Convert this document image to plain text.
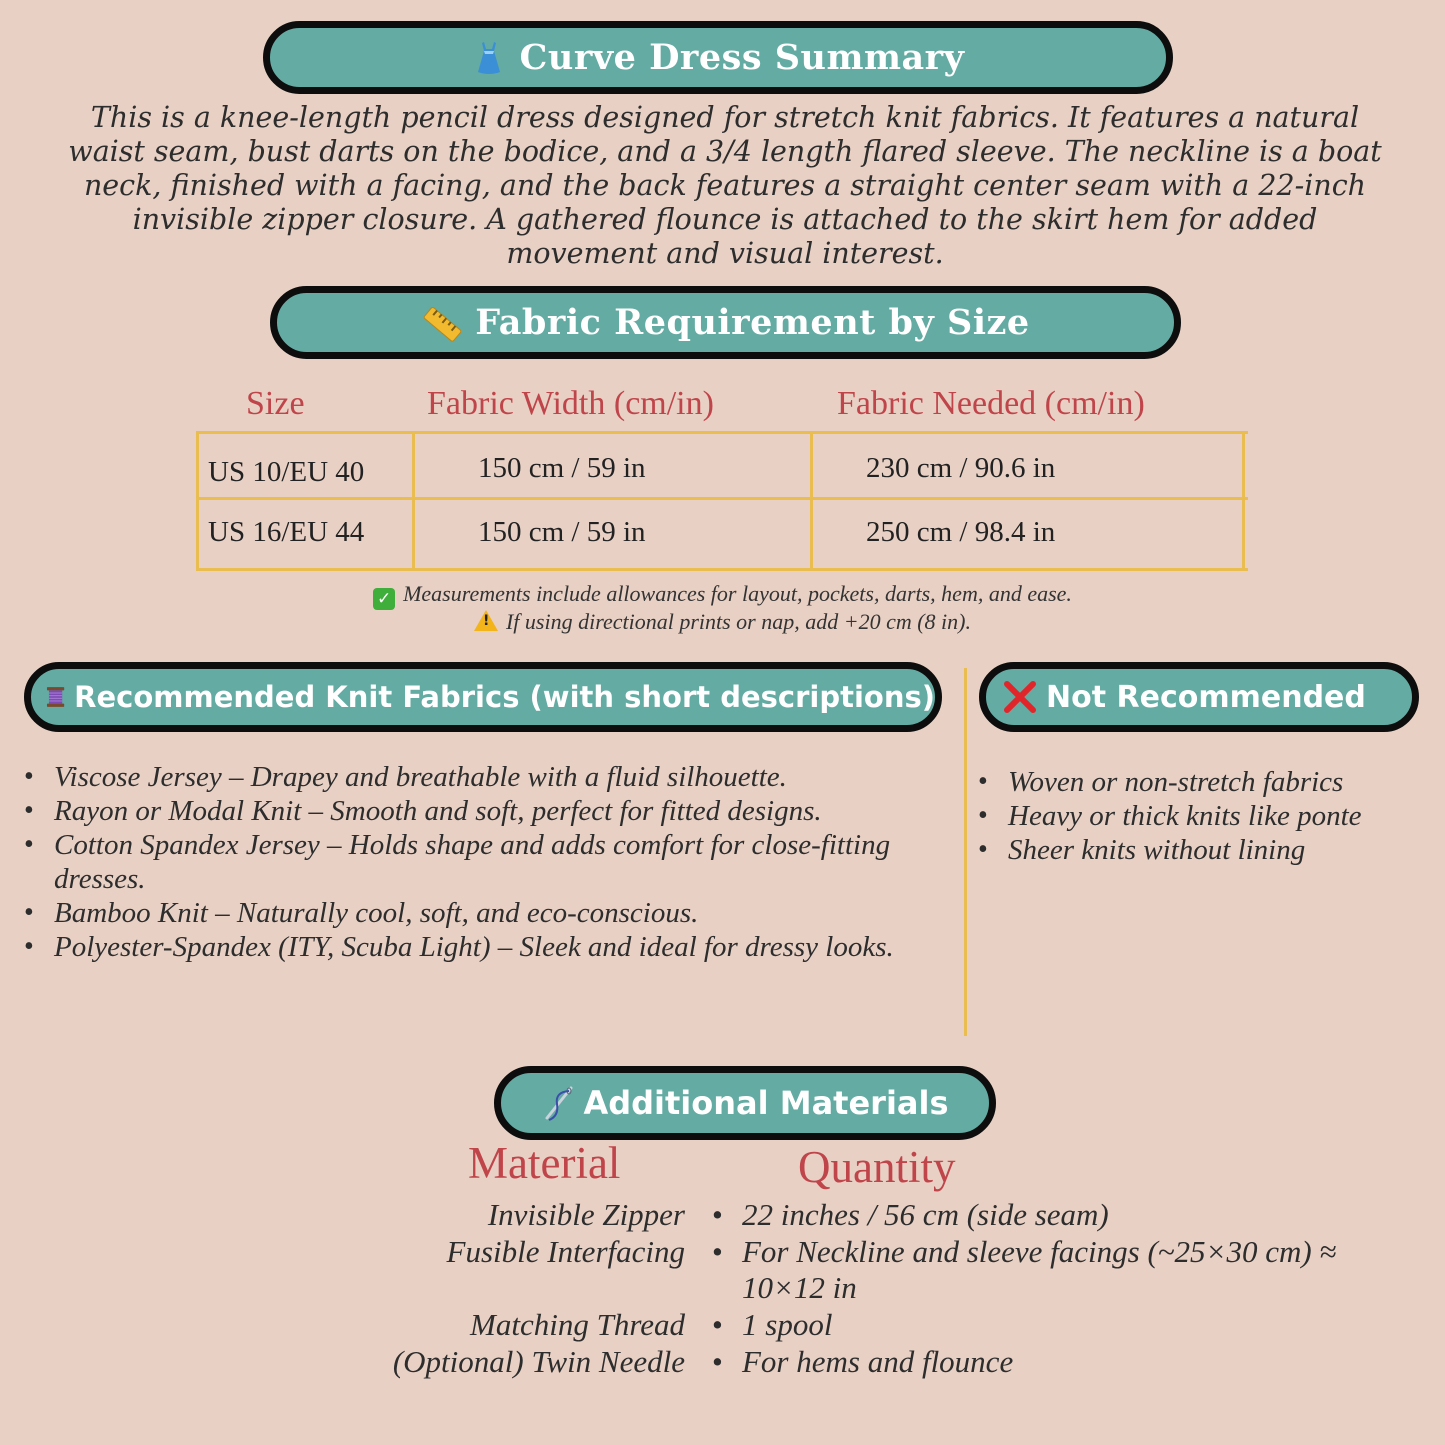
Curve Dress Summary
This is a knee-length pencil dress designed for stretch knit fabrics. It features a natural waist seam, bust darts on the bodice, and a 3/4 length flared sleeve. The neckline is a boat neck, finished with a facing, and the back features a straight center seam with a 22-inch invisible zipper closure. A gathered flounce is attached to the skirt hem for added movement and visual interest.
Fabric Requirement by Size
Size	Fabric Width (cm/in)	Fabric Needed (cm/in)
US 10/EU 40	150 cm / 59 in	230 cm / 90.6 in
US 16/EU 44	150 cm / 59 in	250 cm / 98.4 in
✓ Measurements include allowances for layout, pockets, darts, hem, and ease.
!If using directional prints or nap, add +20 cm (8 in).
Recommended Knit Fabrics (with short descriptions)
• Viscose Jersey – Drapey and breathable with a fluid silhouette.
• Rayon or Modal Knit – Smooth and soft, perfect for fitted designs.
• Cotton Spandex Jersey – Holds shape and adds comfort for close-fitting dresses.
• Bamboo Knit – Naturally cool, soft, and eco-conscious.
• Polyester-Spandex (ITY, Scuba Light) – Sleek and ideal for dressy looks.
Not Recommended
• Woven or non-stretch fabrics
• Heavy or thick knits like ponte
• Sheer knits without lining
Additional Materials
Material	Quantity
Invisible Zipper	• 22 inches / 56 cm (side seam)
Fusible Interfacing	• For Neckline and sleeve facings (~25×30 cm) ≈ 10×12 in
Matching Thread	• 1 spool
(Optional) Twin Needle	• For hems and flounce
